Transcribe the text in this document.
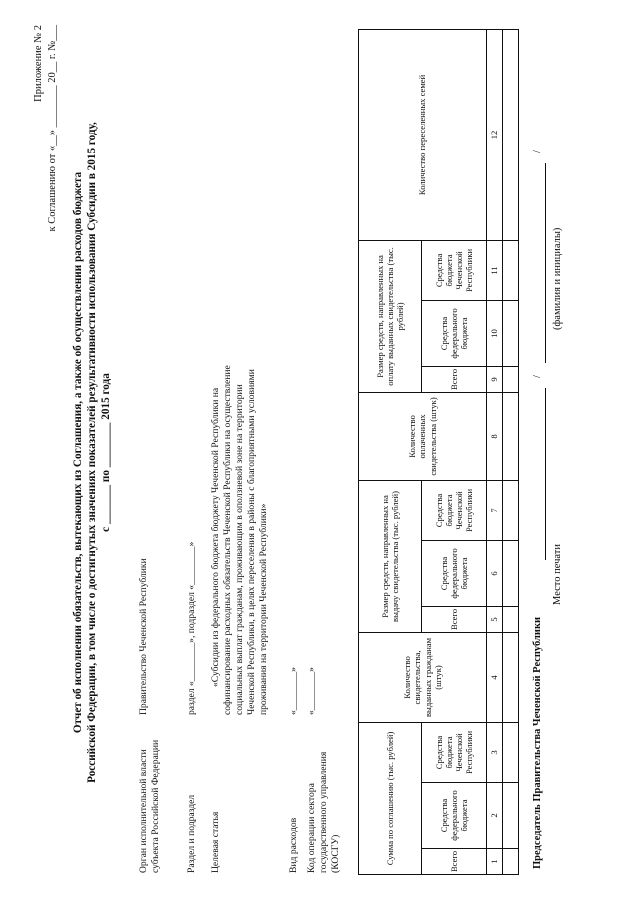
Приложение № 2 к Соглашению от «__» ________ 20__ г. №___
Отчет об исполнении обязательств, вытекающих из Соглашения, а также об осуществлении расходов бюджета Российской Федерации, в том числе о достигнутых значениях показателей результативности использования Субсидии в 2015 году, с _______ по ________ 2015 года
Орган исполнительной власти субъекта Российской Федерации
Правительство Чеченской Республики
Раздел и подраздел
раздел «________», подраздел «________»
Целевая статья
«Субсидии из федерального бюджета бюджету Чеченской Республики на софинансирование расходных обязательств Чеченской Республики на осуществление социальных выплат гражданам, проживающим в оползневой зоне на территории Чеченской Республики, в целях переселения в районы с благоприятными условиями проживания на территории Чеченской Республики»
Вид расходов
«________»
Код операции сектора государственного управления (КОСГУ)
«________»
Сумма по соглашению (тыс. рублей)			Количество свидетельства, выданных гражданам (штук)	Размер средств, направленных на выдачу свидетельства (тыс. рублей)			Количество оплаченных свидетельства (штук)	Размер средств, направленных на оплату выданных свидетельства (тыс. рублей)			Количество переселенных семей
Всего	Средства федерального бюджета	Средства бюджета Чеченской Республики		Всего	Средства федерального бюджета	Средства бюджета Чеченской Республики		Всего	Средства федерального бюджета	Средства бюджета Чеченской Республики	
1	2	3	4	5	6	7	8	9	10	11	12

Председатель Правительства Чеченской Республики
/
/
Место печати
(фамилия и инициалы)
